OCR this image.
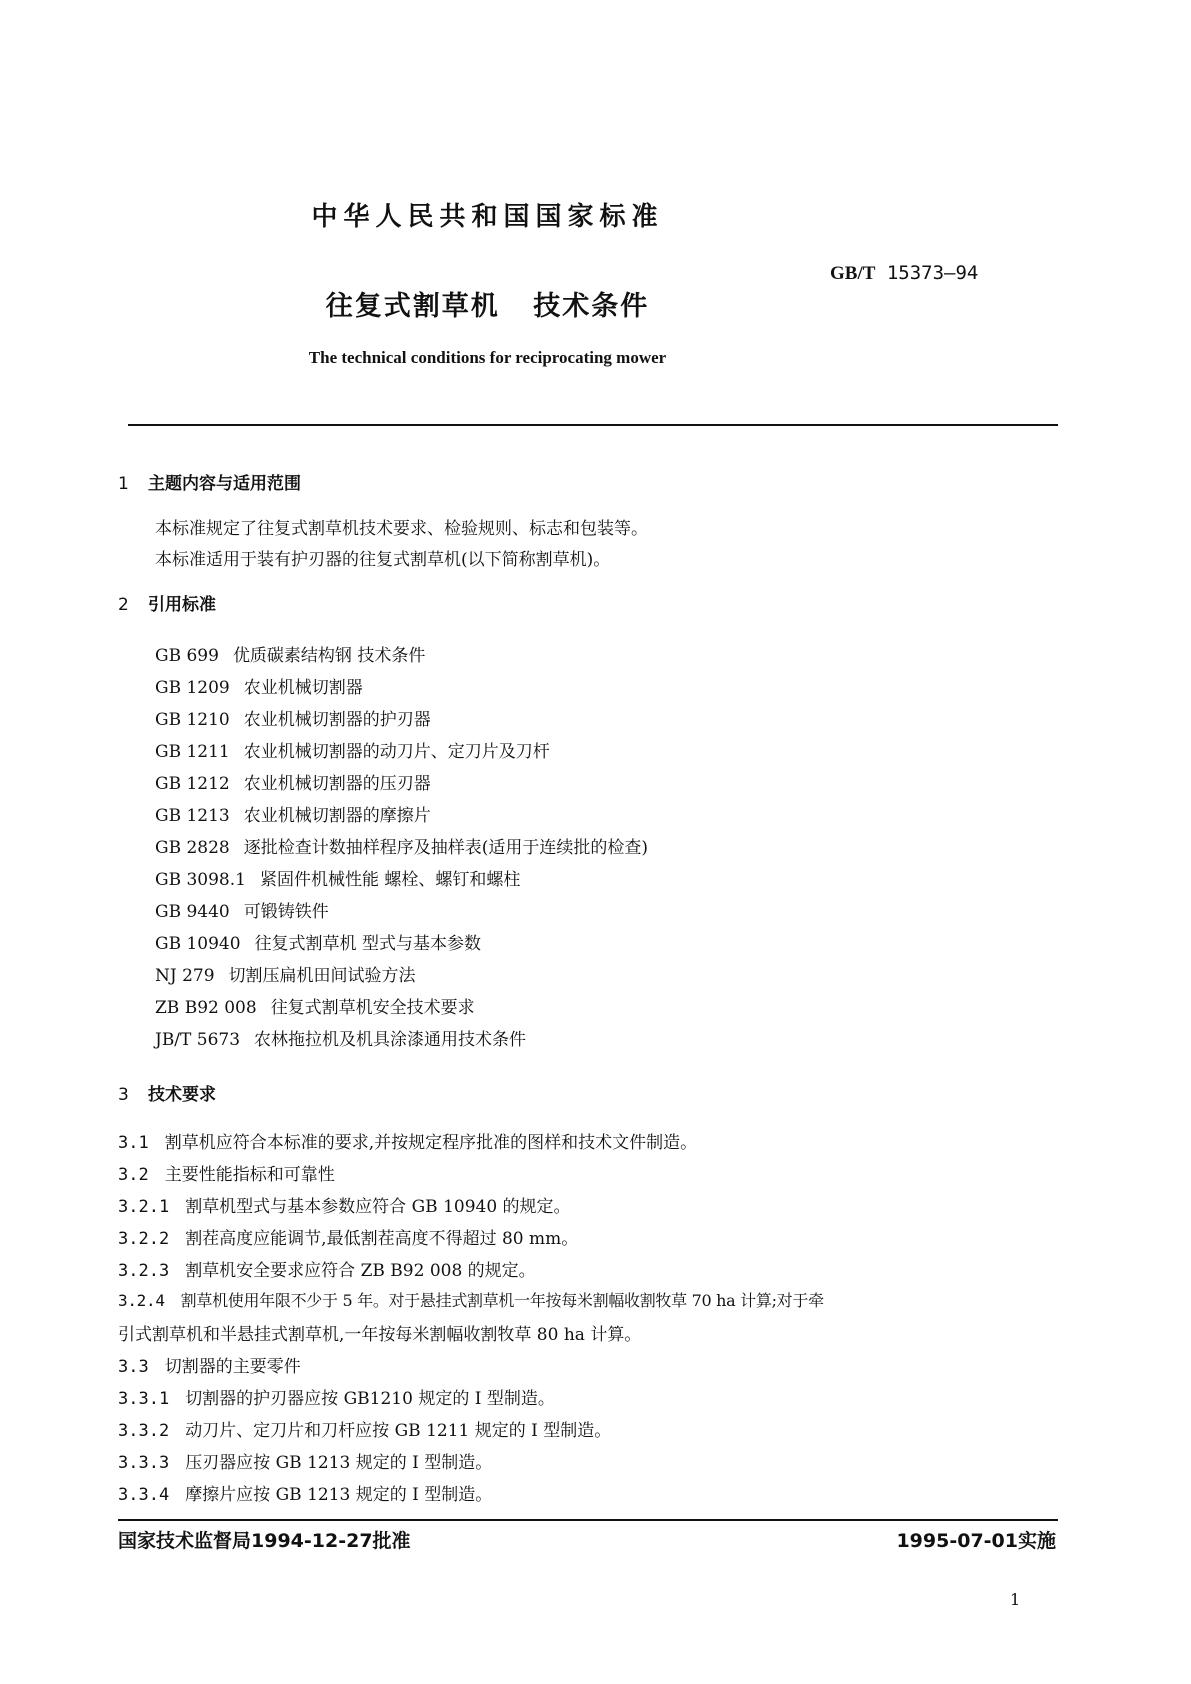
中华人民共和国国家标准
GB/T 15373—94
往复式割草机 技术条件
The technical conditions for reciprocating mower
1 主题内容与适用范围
本标准规定了往复式割草机技术要求、检验规则、标志和包装等。
本标准适用于装有护刃器的往复式割草机(以下简称割草机)。
2 引用标准
GB 699 优质碳素结构钢 技术条件
GB 1209 农业机械切割器
GB 1210 农业机械切割器的护刃器
GB 1211 农业机械切割器的动刀片、定刀片及刀杆
GB 1212 农业机械切割器的压刃器
GB 1213 农业机械切割器的摩擦片
GB 2828 逐批检查计数抽样程序及抽样表(适用于连续批的检查)
GB 3098.1 紧固件机械性能 螺栓、螺钉和螺柱
GB 9440 可锻铸铁件
GB 10940 往复式割草机 型式与基本参数
NJ 279 切割压扁机田间试验方法
ZB B92 008 往复式割草机安全技术要求
JB/T 5673 农林拖拉机及机具涂漆通用技术条件
3 技术要求
3.1 割草机应符合本标准的要求,并按规定程序批准的图样和技术文件制造。
3.2 主要性能指标和可靠性
3.2.1 割草机型式与基本参数应符合 GB 10940 的规定。
3.2.2 割茬高度应能调节,最低割茬高度不得超过 80 mm。
3.2.3 割草机安全要求应符合 ZB B92 008 的规定。
3.2.4 割草机使用年限不少于 5 年。对于悬挂式割草机一年按每米割幅收割牧草 70 ha 计算;对于牵
引式割草机和半悬挂式割草机,一年按每米割幅收割牧草 80 ha 计算。
3.3 切割器的主要零件
3.3.1 切割器的护刃器应按 GB1210 规定的 I 型制造。
3.3.2 动刀片、定刀片和刀杆应按 GB 1211 规定的 I 型制造。
3.3.3 压刃器应按 GB 1213 规定的 I 型制造。
3.3.4 摩擦片应按 GB 1213 规定的 I 型制造。
国家技术监督局1994-12-27批准	1995-07-01实施
1
